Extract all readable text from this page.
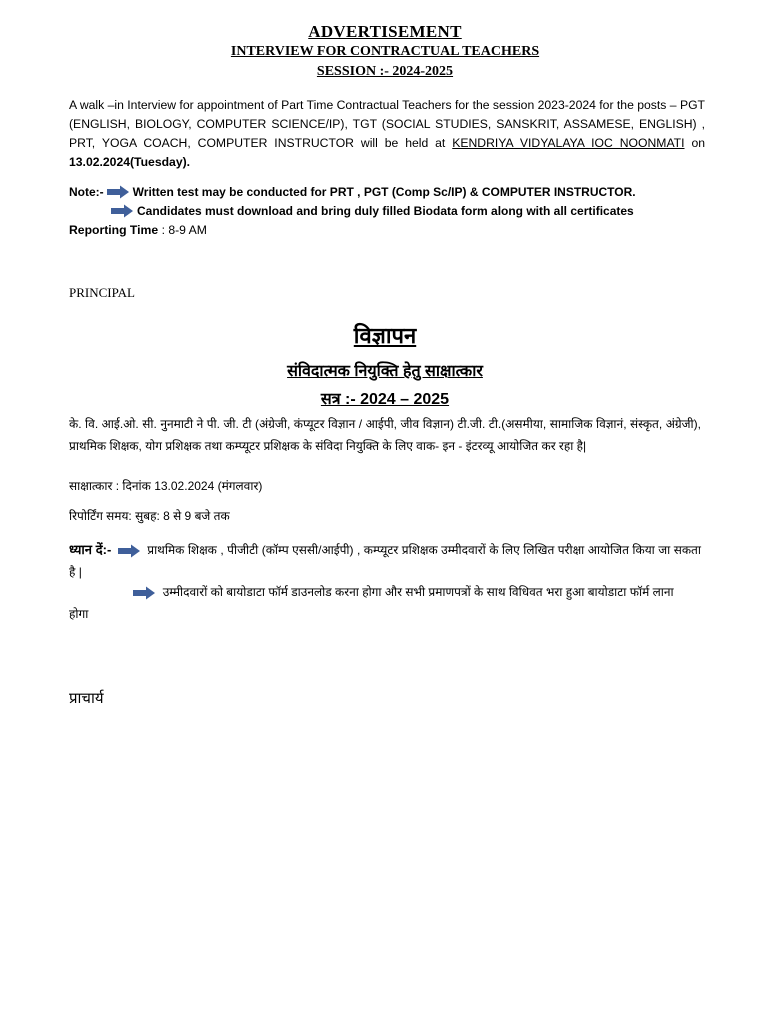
ADVERTISEMENT
INTERVIEW FOR CONTRACTUAL TEACHERS
SESSION :- 2024-2025
A walk –in Interview for appointment of Part Time Contractual Teachers for the session 2023-2024 for the posts – PGT (ENGLISH, BIOLOGY, COMPUTER SCIENCE/IP), TGT (SOCIAL STUDIES, SANSKRIT, ASSAMESE, ENGLISH) , PRT, YOGA COACH, COMPUTER INSTRUCTOR will be held at KENDRIYA VIDYALAYA IOC NOONMATI on 13.02.2024(Tuesday).
Note:- Written test may be conducted for PRT , PGT (Comp Sc/IP) & COMPUTER INSTRUCTOR.
Candidates must download and bring duly filled Biodata form along with all certificates
Reporting Time : 8-9 AM
PRINCIPAL
विज्ञापन
संविदात्मक नियुक्ति हेतु साक्षात्कार
सत्र :- 2024 – 2025
के. वि. आई.ओ. सी. नुनमाटी ने पी. जी. टी (अंग्रेजी, कंप्यूटर विज्ञान / आईपी, जीव विज्ञान) टी.जी. टी.(असमीया, सामाजिक विज्ञानं, संस्कृत, अंग्रेजी), प्राथमिक शिक्षक, योग प्रशिक्षक तथा कम्प्यूटर प्रशिक्षक के संविदा नियुक्ति के लिए वाक- इन - इंटरव्यू आयोजित कर रहा है|
साक्षात्कार : दिनांक 13.02.2024 (मंगलवार)
रिपोर्टिंग समय: सुबह: 8 से 9 बजे तक
ध्यान दें:-	प्राथमिक शिक्षक , पीजीटी (कॉम्प एससी/आईपी) , कम्प्यूटर प्रशिक्षक उम्मीदवारों के लिए लिखित परीक्षा आयोजित किया जा सकता है |
उम्मीदवारों को बायोडाटा फॉर्म डाउनलोड करना होगा और सभी प्रमाणपत्रों के साथ विधिवत भरा हुआ बायोडाटा फॉर्म लाना होगा
प्राचार्य
